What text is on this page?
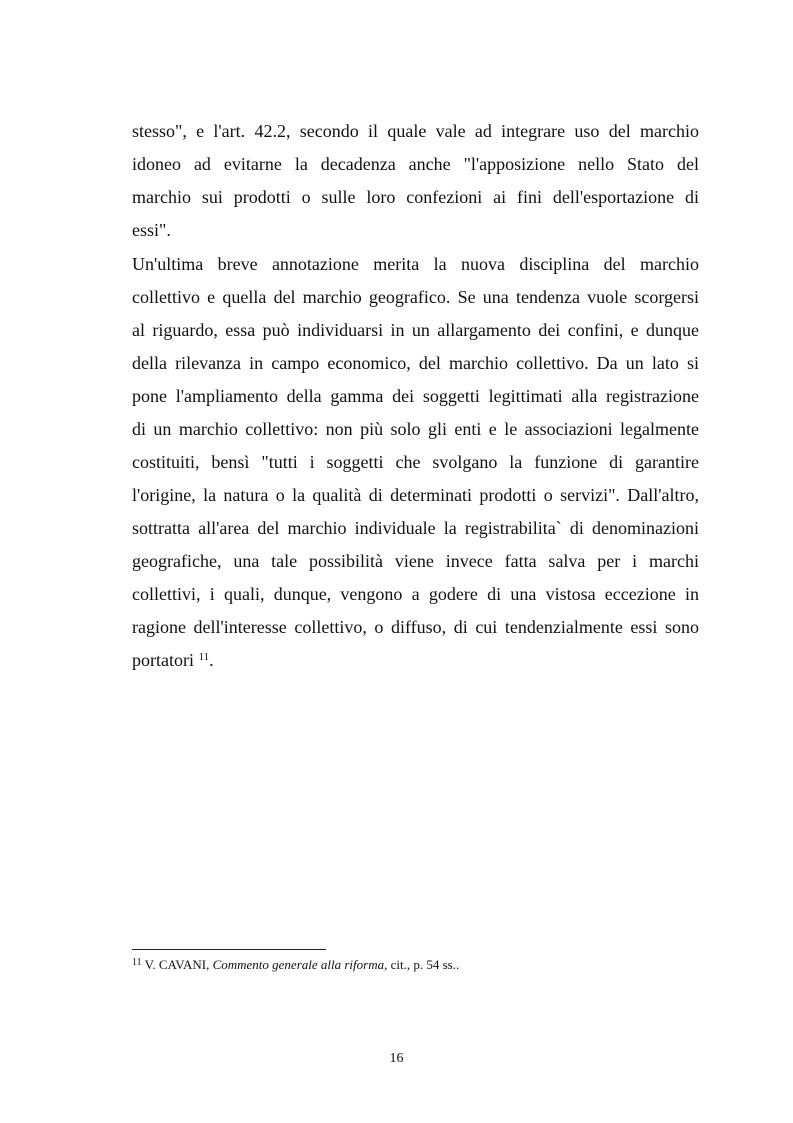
stesso", e l'art. 42.2, secondo il quale vale ad integrare uso del marchio
idoneo ad evitarne la decadenza anche "l'apposizione nello Stato del
marchio sui prodotti o sulle loro confezioni ai fini dell'esportazione di
essi".
Un'ultima breve annotazione merita la nuova disciplina del marchio
collettivo e quella del marchio geografico. Se una tendenza vuole scorgersi
al riguardo, essa può individuarsi in un allargamento dei confini, e dunque
della rilevanza in campo economico, del marchio collettivo. Da un lato si
pone l'ampliamento della gamma dei soggetti legittimati alla registrazione
di un marchio collettivo: non più solo gli enti e le associazioni legalmente
costituiti, bensì "tutti i soggetti che svolgano la funzione di garantire
l'origine, la natura o la qualità di determinati prodotti o servizi". Dall'altro,
sottratta all'area del marchio individuale la registrabilita` di denominazioni
geografiche, una tale possibilità viene invece fatta salva per i marchi
collettivi, i quali, dunque, vengono a godere di una vistosa eccezione in
ragione dell'interesse collettivo, o diffuso, di cui tendenzialmente essi sono
portatori $^{11}$.
$^{11}$ V. CAVANI, Commento generale alla riforma, cit., p. 54 ss..
16
